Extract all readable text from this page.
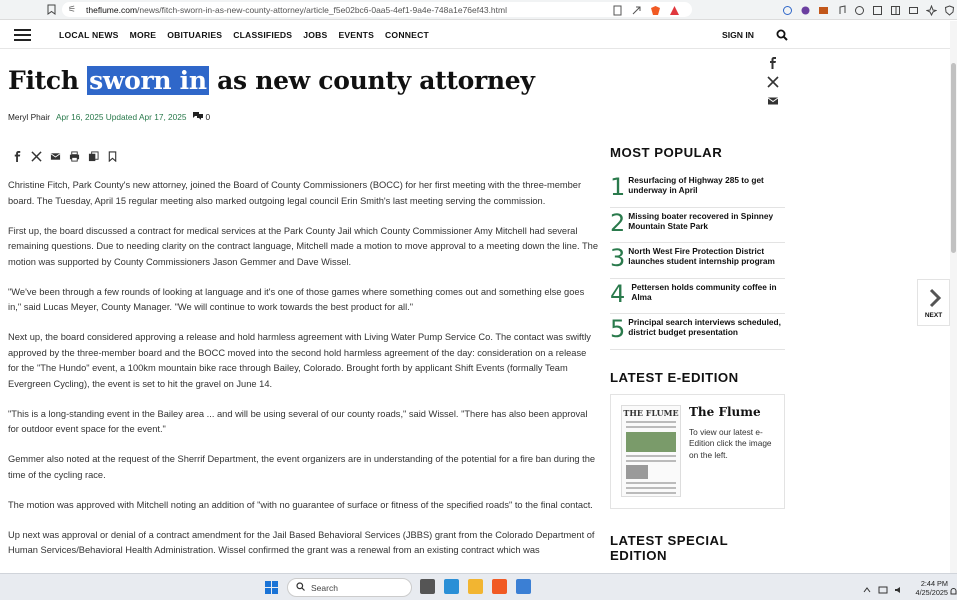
⚟ theflume.com /news/fitch-sworn-in-as-new-county-attorney/article_f5e02bc6-0aa5-4ef1-9a4e-748a1e76ef43.html
LOCAL NEWS MORE OBITUARIES CLASSIFIEDS JOBS EVENTS CONNECT	SIGN IN
Fitch sworn in as new county attorney
Meryl Phair Apr 16, 2025 Updated Apr 17, 2025 0

Christine Fitch, Park County's new attorney, joined the Board of County Commissioners (BOCC) for her first meeting with the three-member board. The Tuesday, April 15 regular meeting also marked outgoing legal council Erin Smith's last meeting serving the commission.

First up, the board discussed a contract for medical services at the Park County Jail which County Commissioner Amy Mitchell had several remaining questions. Due to needing clarity on the contract language, Mitchell made a motion to move approval to a meeting down the line. The motion was supported by County Commissioners Jason Gemmer and Dave Wissel.

"We've been through a few rounds of looking at language and it's one of those games where something comes out and something else goes in," said Lucas Meyer, County Manager. "We will continue to work towards the best product for all."

Next up, the board considered approving a release and hold harmless agreement with Living Water Pump Service Co. The contact was swiftly approved by the three-member board and the BOCC moved into the second hold harmless agreement of the day: consideration on a release for the "The Hundo" event, a 100km mountain bike race through Bailey, Colorado. Brought forth by applicant Shift Events (formally Team Evergreen Cycling), the event is set to hit the gravel on June 14.

"This is a long-standing event in the Bailey area ... and will be using several of our county roads," said Wissel. "There has also been approval for outdoor event space for the event."

Gemmer also noted at the request of the Sherrif Department, the event organizers are in understanding of the potential for a fire ban during the time of the cycling race.

The motion was approved with Mitchell noting an addition of "with no guarantee of surface or fitness of the specified roads" to the final contact.

Up next was approval or denial of a contract amendment for the Jail Based Behavioral Services (JBBS) grant from the Colorado Department of Human Services/Behavioral Health Administration. Wissel confirmed the grant was a renewal from an existing contract which was

MOST POPULAR
1 Resurfacing of Highway 285 to get underway in April
2 Missing boater recovered in Spinney Mountain State Park
3 North West Fire Protection District launches student internship program
4 Pettersen holds community coffee in Alma
5 Principal search interviews scheduled, district budget presentation
LATEST E-EDITION
THE FLUME The Flume
To view our latest e-Edition click the image on the left.
LATEST SPECIAL EDITION
NEXT
Search	2:44 PM
4/25/2025
